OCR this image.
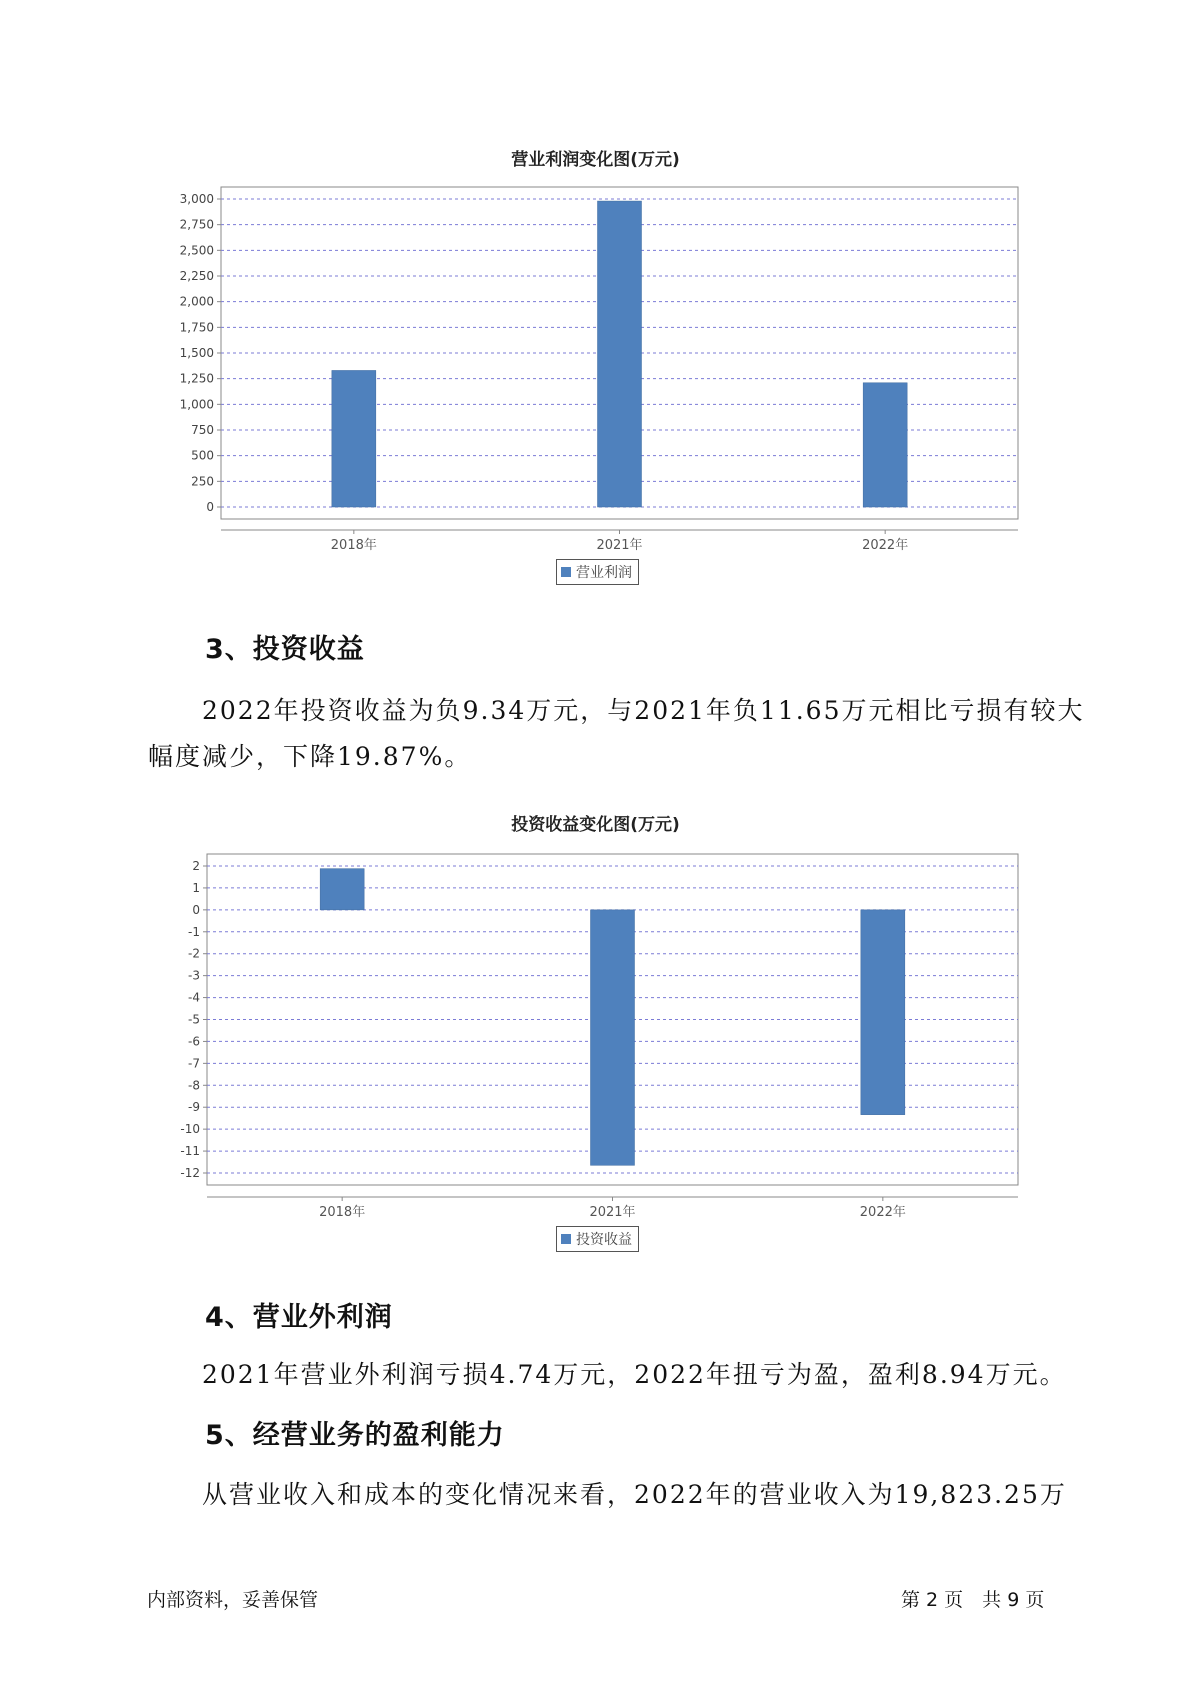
营业利润变化图(万元)
0
250
500
750
1,000
1,250
1,500
1,750
2,000
2,250
2,500
2,750
3,000
2018年	2021年	2022年
营业利润
3、投资收益
2022年投资收益为负9.34万元，与2021年负11.65万元相比亏损有较大
幅度减少，下降19.87%。
投资收益变化图(万元)
2
1
0
-1
-2
-3
-4
-5
-6
-7
-8
-9
-10
-11
-12
2018年	2021年	2022年
投资收益
4、营业外利润
2021年营业外利润亏损4.74万元，2022年扭亏为盈，盈利8.94万元。
5、经营业务的盈利能力
从营业收入和成本的变化情况来看，2022年的营业收入为19,823.25万
内部资料，妥善保管	第 2 页　共 9 页
